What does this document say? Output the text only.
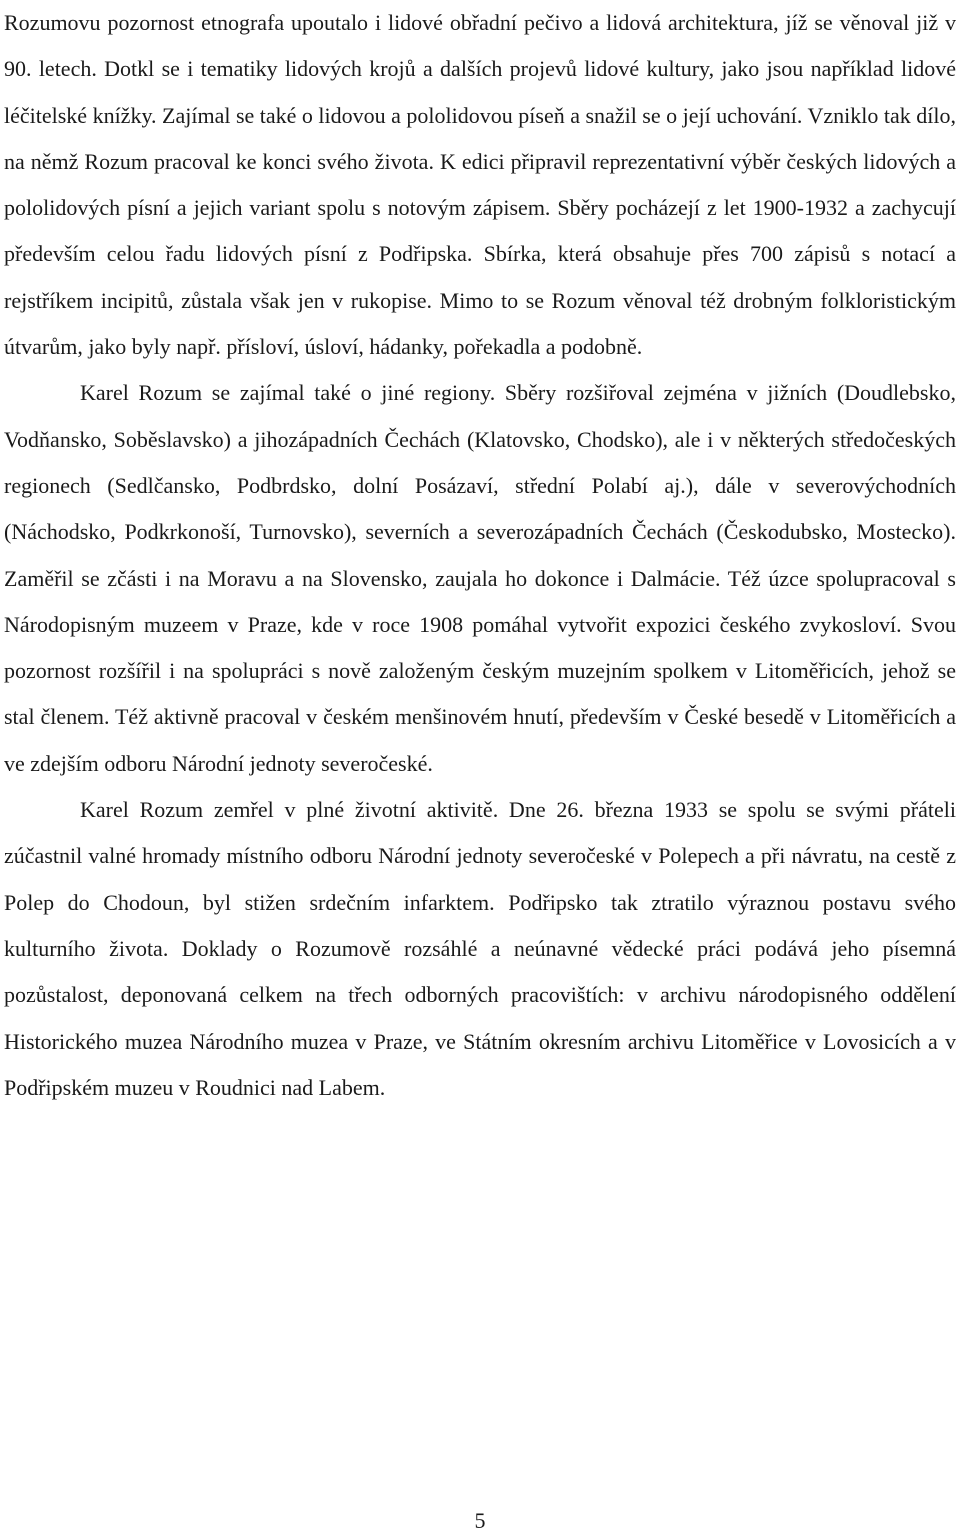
Rozumovu pozornost etnografa upoutalo i lidové obřadní pečivo a lidová architektura, jíž se věnoval již v 90. letech. Dotkl se i tematiky lidových krojů a dalších projevů lidové kultury, jako jsou například lidové léčitelské knížky. Zajímal se také o lidovou a pololidovou píseň a snažil se o její uchování. Vzniklo tak dílo, na němž Rozum pracoval ke konci svého života. K edici připravil reprezentativní výběr českých lidových a pololidových písní a jejich variant spolu s notovým zápisem. Sběry pocházejí z let 1900-1932 a zachycují především celou řadu lidových písní z Podřipska. Sbírka, která obsahuje přes 700 zápisů s notací a rejstříkem incipitů, zůstala však jen v rukopise. Mimo to se Rozum věnoval též drobným folkloristickým útvarům, jako byly např. přísloví, úsloví, hádanky, pořekadla a podobně.

Karel Rozum se zajímal také o jiné regiony. Sběry rozšiřoval zejména v jižních (Doudlebsko, Vodňansko, Soběslavsko) a jihozápadních Čechách (Klatovsko, Chodsko), ale i v některých středočeských regionech (Sedlčansko, Podbrdsko, dolní Posázaví, střední Polabí aj.), dále v severovýchodních (Náchodsko, Podkrkonoší, Turnovsko), severních a severozápadních Čechách (Českodubsko, Mostecko). Zaměřil se zčásti i na Moravu a na Slovensko, zaujala ho dokonce i Dalmácie. Též úzce spolupracoval s Národopisným muzeem v Praze, kde v roce 1908 pomáhal vytvořit expozici českého zvykosloví. Svou pozornost rozšířil i na spolupráci s nově založeným českým muzejním spolkem v Litoměřicích, jehož se stal členem. Též aktivně pracoval v českém menšinovém hnutí, především v České besedě v Litoměřicích a ve zdejším odboru Národní jednoty severočeské.

Karel Rozum zemřel v plné životní aktivitě. Dne 26. března 1933 se spolu se svými přáteli zúčastnil valné hromady místního odboru Národní jednoty severočeské v Polepech a při návratu, na cestě z Polep do Chodoun, byl stižen srdečním infarktem. Podřipsko tak ztratilo výraznou postavu svého kulturního života. Doklady o Rozumově rozsáhlé a neúnavné vědecké práci podává jeho písemná pozůstalost, deponovaná celkem na třech odborných pracovištích: v archivu národopisného oddělení Historického muzea Národního muzea v Praze, ve Státním okresním archivu Litoměřice v Lovosicích a v Podřipském muzeu v Roudnici nad Labem.

5
